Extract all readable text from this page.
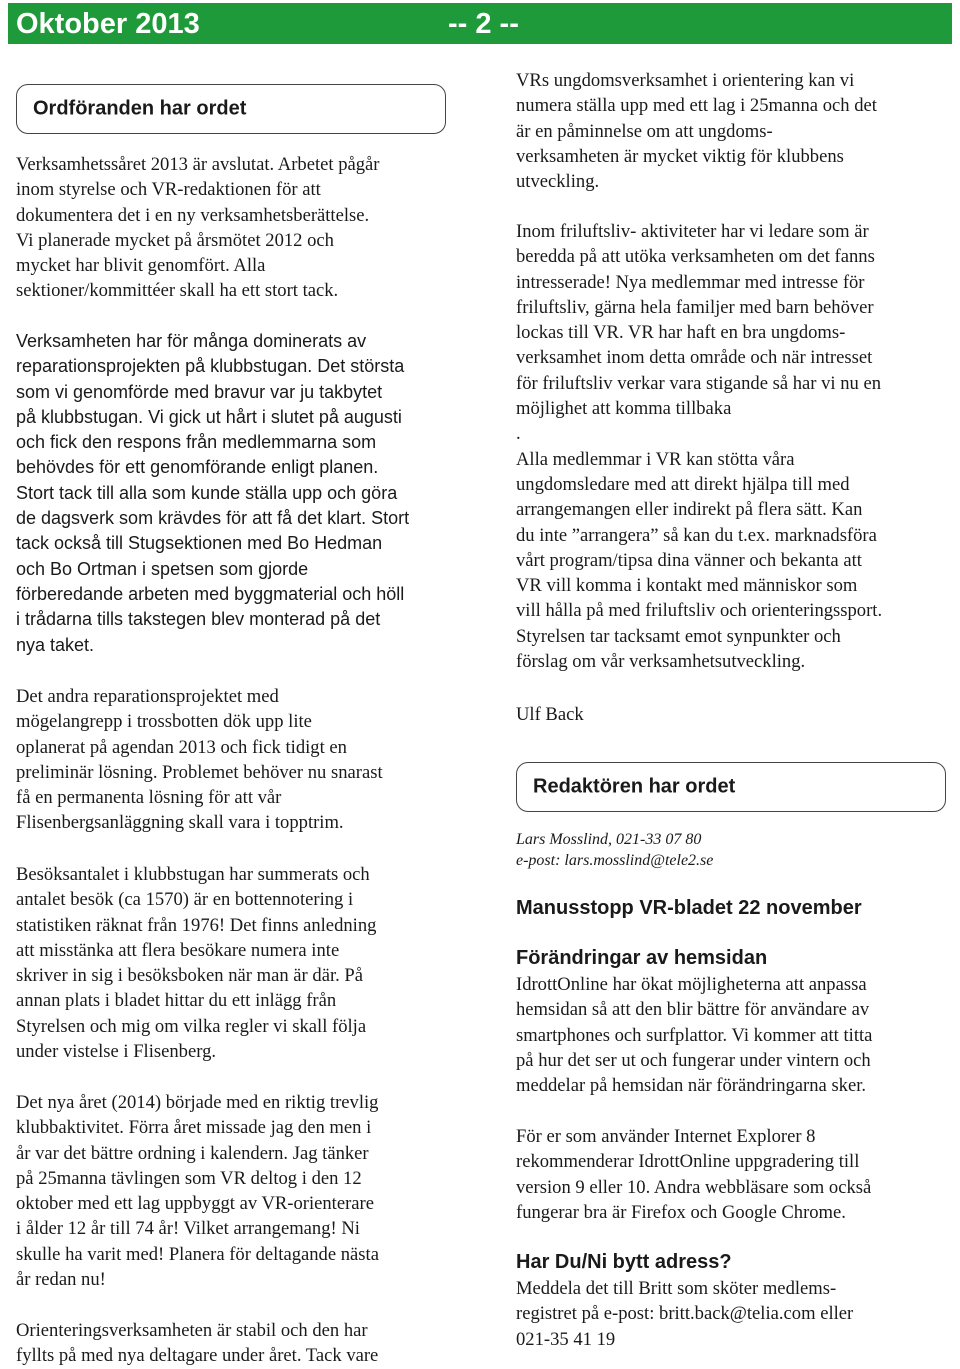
Oktober 2013	-- 2 --
Ordföranden har ordet
Verksamhetssåret 2013 är avslutat. Arbetet pågår
inom styrelse och VR-redaktionen för att
dokumentera det i en ny verksamhetsberättelse.
Vi planerade mycket på årsmötet 2012 och
mycket har blivit genomfört. Alla
sektioner/kommittéer skall ha ett stort tack.
Verksamheten har för många dominerats av
reparationsprojekten på klubbstugan. Det största
som vi genomförde med bravur var ju takbytet
på klubbstugan. Vi gick ut hårt i slutet på augusti
och fick den respons från medlemmarna som
behövdes för ett genomförande enligt planen.
Stort tack till alla som kunde ställa upp och göra
de dagsverk som krävdes för att få det klart. Stort
tack också till Stugsektionen med Bo Hedman
och Bo Ortman i spetsen som gjorde
förberedande arbeten med byggmaterial och höll
i trådarna tills takstegen blev monterad på det
nya taket.
Det andra reparationsprojektet med
mögelangrepp i trossbotten dök upp lite
oplanerat på agendan 2013 och fick tidigt en
preliminär lösning. Problemet behöver nu snarast
få en permanenta lösning för att vår
Flisenbergsanläggning skall vara i topptrim.
Besöksantalet i klubbstugan har summerats och
antalet besök (ca 1570) är en bottennotering i
statistiken räknat från 1976! Det finns anledning
att misstänka att flera besökare numera inte
skriver in sig i besöksboken när man är där. På
annan plats i bladet hittar du ett inlägg från
Styrelsen och mig om vilka regler vi skall följa
under vistelse i Flisenberg.
Det nya året (2014) började med en riktig trevlig
klubbaktivitet. Förra året missade jag den men i
år var det bättre ordning i kalendern. Jag tänker
på 25manna tävlingen som VR deltog i den 12
oktober med ett lag uppbyggt av VR-orienterare
i ålder 12 år till 74 år! Vilket arrangemang! Ni
skulle ha varit med! Planera för deltagande nästa
år redan nu!
Orienteringsverksamheten är stabil och den har
fyllts på med nya deltagare under året. Tack vare
VRs ungdomsverksamhet i orientering kan vi
numera ställa upp med ett lag i 25manna och det
är en påminnelse om att ungdoms-
verksamheten är mycket viktig för klubbens
utveckling.
Inom friluftsliv- aktiviteter har vi ledare som är
beredda på att utöka verksamheten om det fanns
intresserade! Nya medlemmar med intresse för
friluftsliv, gärna hela familjer med barn behöver
lockas till VR. VR har haft en bra ungdoms-
verksamhet inom detta område och när intresset
för friluftsliv verkar vara stigande så har vi nu en
möjlighet att komma tillbaka
.
Alla medlemmar i VR kan stötta våra
ungdomsledare med att direkt hjälpa till med
arrangemangen eller indirekt på flera sätt. Kan
du inte ”arrangera” så kan du t.ex. marknadsföra
vårt program/tipsa dina vänner och bekanta att
VR vill komma i kontakt med människor som
vill hålla på med friluftsliv och orienteringssport.
Styrelsen tar tacksamt emot synpunkter och
förslag om vår verksamhetsutveckling.
Ulf Back
Redaktören har ordet
Lars Mosslind, 021-33 07 80
e-post: lars.mosslind@tele2.se
Manusstopp VR-bladet 22 november
Förändringar av hemsidan
IdrottOnline har ökat möjligheterna att anpassa
hemsidan så att den blir bättre för användare av
smartphones och surfplattor. Vi kommer att titta
på hur det ser ut och fungerar under vintern och
meddelar på hemsidan när förändringarna sker.
För er som använder Internet Explorer 8
rekommenderar IdrottOnline uppgradering till
version 9 eller 10. Andra webbläsare som också
fungerar bra är Firefox och Google Chrome.
Har Du/Ni bytt adress?
Meddela det till Britt som sköter medlems-
registret på e-post: britt.back@telia.com eller
021-35 41 19
